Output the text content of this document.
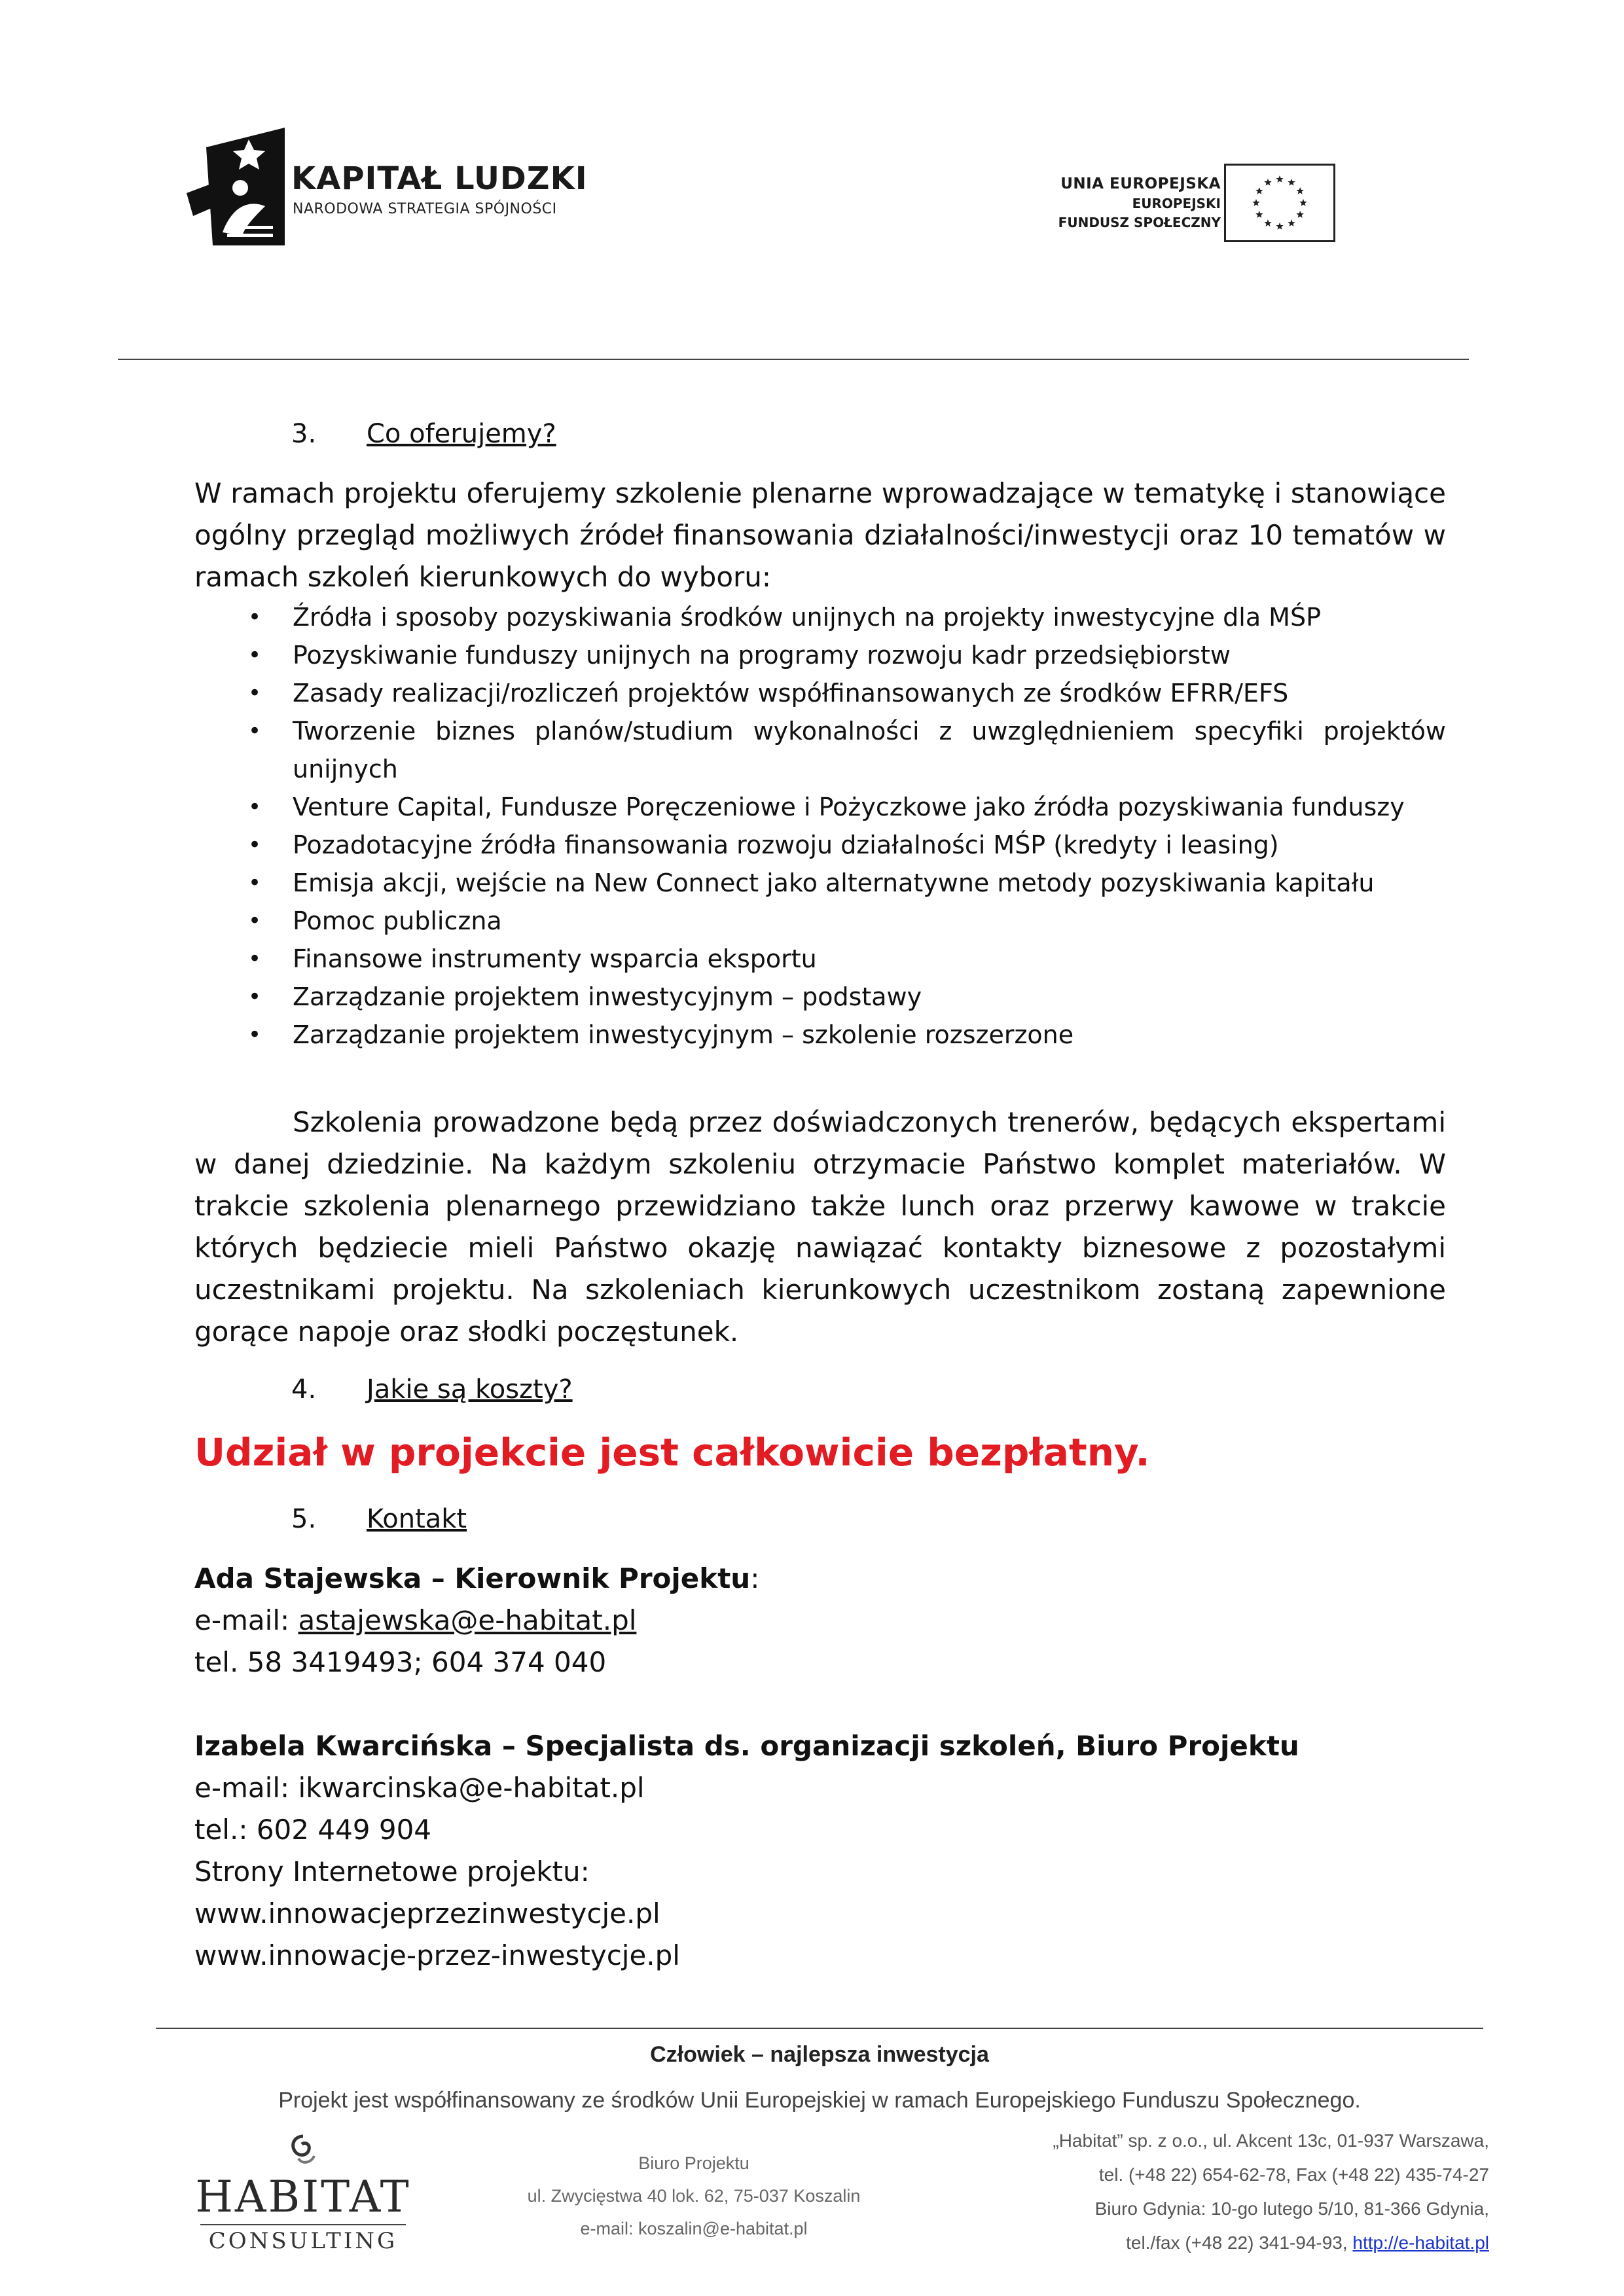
KAPITAŁ LUDZKI
NARODOWA STRATEGIA SPÓJNOŚCI
UNIA EUROPEJSKA
EUROPEJSKI
FUNDUSZ SPOŁECZNY
3. Co oferujemy?
W ramach projektu oferujemy szkolenie plenarne wprowadzające w tematykę i stanowiące ogólny przegląd możliwych źródeł finansowania działalności/inwestycji oraz 10 tematów w ramach szkoleń kierunkowych do wyboru:
• Źródła i sposoby pozyskiwania środków unijnych na projekty inwestycyjne dla MŚP
• Pozyskiwanie funduszy unijnych na programy rozwoju kadr przedsiębiorstw
• Zasady realizacji/rozliczeń projektów współfinansowanych ze środków EFRR/EFS
• Tworzenie biznes planów/studium wykonalności z uwzględnieniem specyfiki projektów unijnych
• Venture Capital, Fundusze Poręczeniowe i Pożyczkowe jako źródła pozyskiwania funduszy
• Pozadotacyjne źródła finansowania rozwoju działalności MŚP (kredyty i leasing)
• Emisja akcji, wejście na New Connect jako alternatywne metody pozyskiwania kapitału
• Pomoc publiczna
• Finansowe instrumenty wsparcia eksportu
• Zarządzanie projektem inwestycyjnym – podstawy
• Zarządzanie projektem inwestycyjnym – szkolenie rozszerzone
Szkolenia prowadzone będą przez doświadczonych trenerów, będących ekspertami w danej dziedzinie. Na każdym szkoleniu otrzymacie Państwo komplet materiałów. W trakcie szkolenia plenarnego przewidziano także lunch oraz przerwy kawowe w trakcie których będziecie mieli Państwo okazję nawiązać kontakty biznesowe z pozostałymi uczestnikami projektu. Na szkoleniach kierunkowych uczestnikom zostaną zapewnione gorące napoje oraz słodki poczęstunek.
4. Jakie są koszty?
Udział w projekcie jest całkowicie bezpłatny.
5. Kontakt
Ada Stajewska – Kierownik Projektu:
e-mail: astajewska@e-habitat.pl
tel. 58 3419493; 604 374 040
Izabela Kwarcińska – Specjalista ds. organizacji szkoleń, Biuro Projektu
e-mail: ikwarcinska@e-habitat.pl
tel.: 602 449 904
Strony Internetowe projektu:
www.innowacjeprzezinwestycje.pl
www.innowacje-przez-inwestycje.pl
Człowiek – najlepsza inwestycja
Projekt jest współfinansowany ze środków Unii Europejskiej w ramach Europejskiego Funduszu Społecznego.
HABITAT
CONSULTING
Biuro Projektu
ul. Zwycięstwa 40 lok. 62, 75-037 Koszalin
e-mail: koszalin@e-habitat.pl
„Habitat” sp. z o.o., ul. Akcent 13c, 01-937 Warszawa,
tel. (+48 22) 654-62-78, Fax (+48 22) 435-74-27
Biuro Gdynia: 10-go lutego 5/10, 81-366 Gdynia,
tel./fax (+48 22) 341-94-93, http://e-habitat.pl
